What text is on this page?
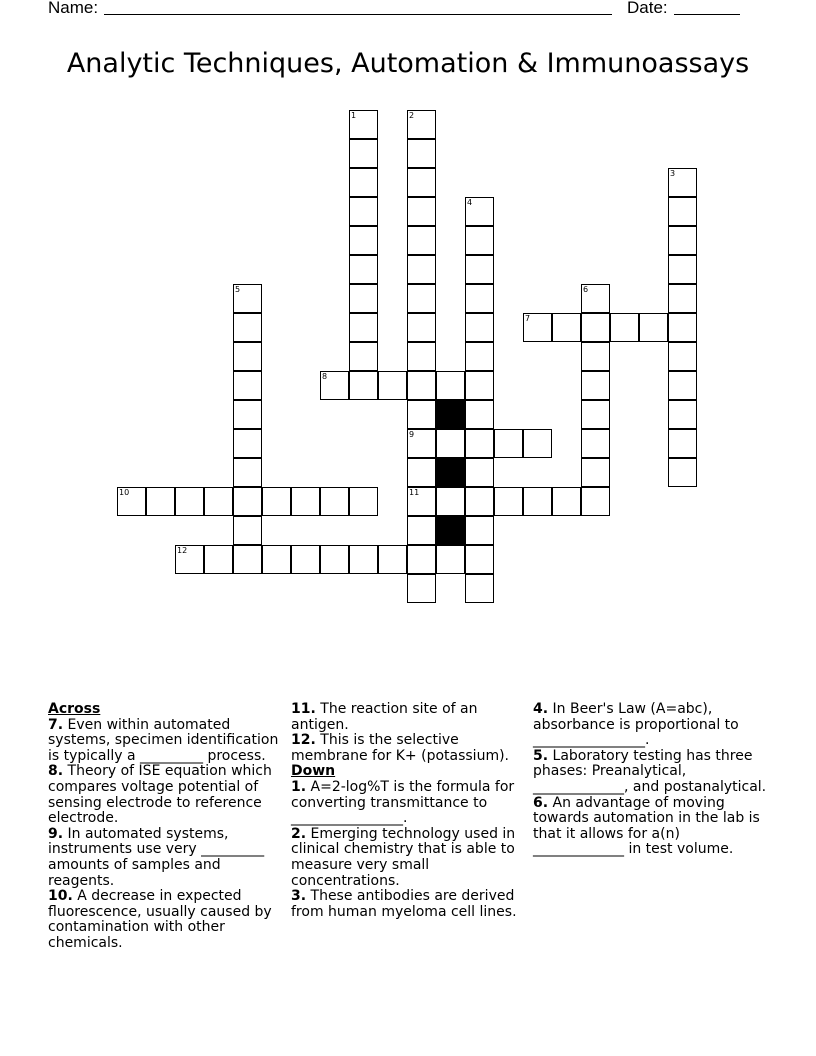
Name:	Date:
Analytic Techniques, Automation & Immunoassays
7
8
9
10	11
12
1	2
3
4
5	6
Across

7. Even within automated systems, specimen identification is typically a _________ process.

8. Theory of ISE equation which compares voltage potential of sensing electrode to reference electrode.

9. In automated systems, instruments use very _________ amounts of samples and reagents.

10. A decrease in expected fluorescence, usually caused by contamination with other chemicals.

11. The reaction site of an antigen.

12. This is the selective membrane for K+ (potassium).

Down

1. A=2-log%T is the formula for converting transmittance to ________________.

2. Emerging technology used in clinical chemistry that is able to measure very small concentrations.

3. These antibodies are derived from human myeloma cell lines.

4. In Beer's Law (A=abc), absorbance is proportional to ________________.

5. Laboratory testing has three phases: Preanalytical, _____________, and postanalytical.

6. An advantage of moving towards automation in the lab is that it allows for a(n) _____________ in test volume.
